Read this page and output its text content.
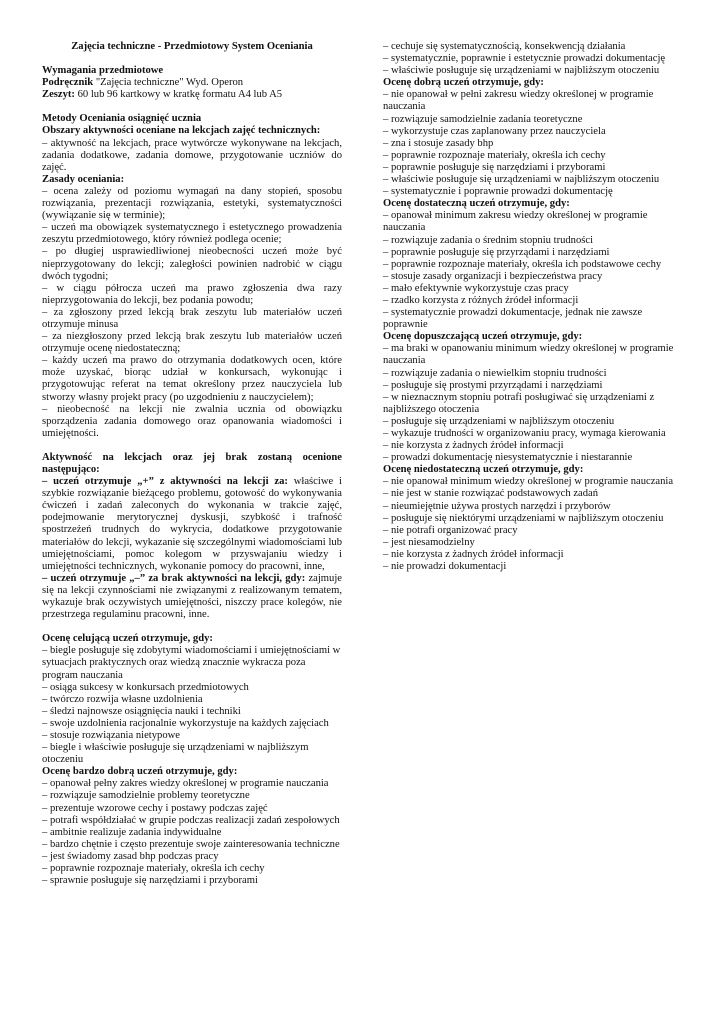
Zajęcia techniczne - Przedmiotowy System Oceniania

Wymagania przedmiotowe

Podręcznik "Zajęcia techniczne" Wyd. Operon

Zeszyt: 60 lub 96 kartkowy w kratkę formatu A4 lub A5

Metody Oceniania osiągnięć ucznia

Obszary aktywności oceniane na lekcjach zajęć technicznych:

– aktywność na lekcjach, prace wytwórcze wykonywane na lekcjach, zadania dodatkowe, zadania domowe, przygotowanie uczniów do zajęć.

Zasady oceniania:

– ocena zależy od poziomu wymagań na dany stopień, sposobu rozwiązania, prezentacji rozwiązania, estetyki, systematyczności (wywiązanie się w terminie);

– uczeń ma obowiązek systematycznego i estetycznego prowadzenia zeszytu przedmiotowego, który również podlega ocenie;

– po długiej usprawiedliwionej nieobecności uczeń może być nieprzygotowany do lekcji; zaległości powinien nadrobić w ciągu dwóch tygodni;

– w ciągu półrocza uczeń ma prawo zgłoszenia dwa razy nieprzygotowania do lekcji, bez podania powodu;

– za zgłoszony przed lekcją brak zeszytu lub materiałów uczeń otrzymuje minusa

– za niezgłoszony przed lekcją brak zeszytu lub materiałów uczeń otrzymuje ocenę niedostateczną;

– każdy uczeń ma prawo do otrzymania dodatkowych ocen, które może uzyskać, biorąc udział w konkursach, wykonując i przygotowując referat na temat określony przez nauczyciela lub stworzy własny projekt pracy (po uzgodnieniu z nauczycielem);

– nieobecność na lekcji nie zwalnia ucznia od obowiązku sporządzenia zadania domowego oraz opanowania wiadomości i umiejętności.

Aktywność na lekcjach oraz jej brak zostaną ocenione następująco:

– uczeń otrzymuje „+” z aktywności na lekcji za: właściwe i szybkie rozwiązanie bieżącego problemu, gotowość do wykonywania ćwiczeń i zadań zaleconych do wykonania w trakcie zajęć, podejmowanie merytorycznej dyskusji, szybkość i trafność spostrzeżeń trudnych do wykrycia, dodatkowe przygotowanie materiałów do lekcji, wykazanie się szczególnymi wiadomościami lub umiejętnościami, pomoc kolegom w przyswajaniu wiedzy i umiejętności technicznych, wykonanie pomocy do pracowni, inne,

– uczeń otrzymuje „–” za brak aktywności na lekcji, gdy: zajmuje się na lekcji czynnościami nie związanymi z realizowanym tematem, wykazuje brak oczywistych umiejętności, niszczy prace kolegów, nie przestrzega regulaminu pracowni, inne.

Ocenę celującą uczeń otrzymuje, gdy:

– biegle posługuje się zdobytymi wiadomościami i umiejętnościami w sytuacjach praktycznych oraz wiedzą znacznie wykracza poza program nauczania

– osiąga sukcesy w konkursach przedmiotowych

– twórczo rozwija własne uzdolnienia

– śledzi najnowsze osiągnięcia nauki i techniki

– swoje uzdolnienia racjonalnie wykorzystuje na każdych zajęciach

– stosuje rozwiązania nietypowe

– biegle i właściwie posługuje się urządzeniami w najbliższym otoczeniu

Ocenę bardzo dobrą uczeń otrzymuje, gdy:

– opanował pełny zakres wiedzy określonej w programie nauczania

– rozwiązuje samodzielnie problemy teoretyczne

– prezentuje wzorowe cechy i postawy podczas zajęć

– potrafi współdziałać w grupie podczas realizacji zadań zespołowych

– ambitnie realizuje zadania indywidualne

– bardzo chętnie i często prezentuje swoje zainteresowania techniczne

– jest świadomy zasad bhp podczas pracy

– poprawnie rozpoznaje materiały, określa ich cechy

– sprawnie posługuje się narzędziami i przyborami

– cechuje się systematycznością, konsekwencją działania

– systematycznie, poprawnie i estetycznie prowadzi dokumentację

– właściwie posługuje się urządzeniami w najbliższym otoczeniu

Ocenę dobrą uczeń otrzymuje, gdy:

– nie opanował w pełni zakresu wiedzy określonej w programie nauczania

– rozwiązuje samodzielnie zadania teoretyczne

– wykorzystuje czas zaplanowany przez nauczyciela

– zna i stosuje zasady bhp

– poprawnie rozpoznaje materiały, określa ich cechy

– poprawnie posługuje się narzędziami i przyborami

– właściwie posługuje się urządzeniami w najbliższym otoczeniu

– systematycznie i poprawnie prowadzi dokumentację

Ocenę dostateczną uczeń otrzymuje, gdy:

– opanował minimum zakresu wiedzy określonej w programie nauczania

– rozwiązuje zadania o średnim stopniu trudności

– poprawnie posługuje się przyrządami i narzędziami

– poprawnie rozpoznaje materiały, określa ich podstawowe cechy

– stosuje zasady organizacji i bezpieczeństwa pracy

– mało efektywnie wykorzystuje czas pracy

– rzadko korzysta z różnych źródeł informacji

– systematycznie prowadzi dokumentacje, jednak nie zawsze poprawnie

Ocenę dopuszczającą uczeń otrzymuje, gdy:

– ma braki w opanowaniu minimum wiedzy określonej w programie nauczania

– rozwiązuje zadania o niewielkim stopniu trudności

– posługuje się prostymi przyrządami i narzędziami

– w nieznacznym stopniu potrafi posługiwać się urządzeniami z najbliższego otoczenia

– posługuje się urządzeniami w najbliższym otoczeniu

– wykazuje trudności w organizowaniu pracy, wymaga kierowania

– nie korzysta z żadnych źródeł informacji

– prowadzi dokumentację niesystematycznie i niestarannie

Ocenę niedostateczną uczeń otrzymuje, gdy:

– nie opanował minimum wiedzy określonej w programie nauczania

– nie jest w stanie rozwiązać podstawowych zadań

– nieumiejętnie używa prostych narzędzi i przyborów

– posługuje się niektórymi urządzeniami w najbliższym otoczeniu

– nie potrafi organizować pracy

– jest niesamodzielny

– nie korzysta z żadnych źródeł informacji

– nie prowadzi dokumentacji
